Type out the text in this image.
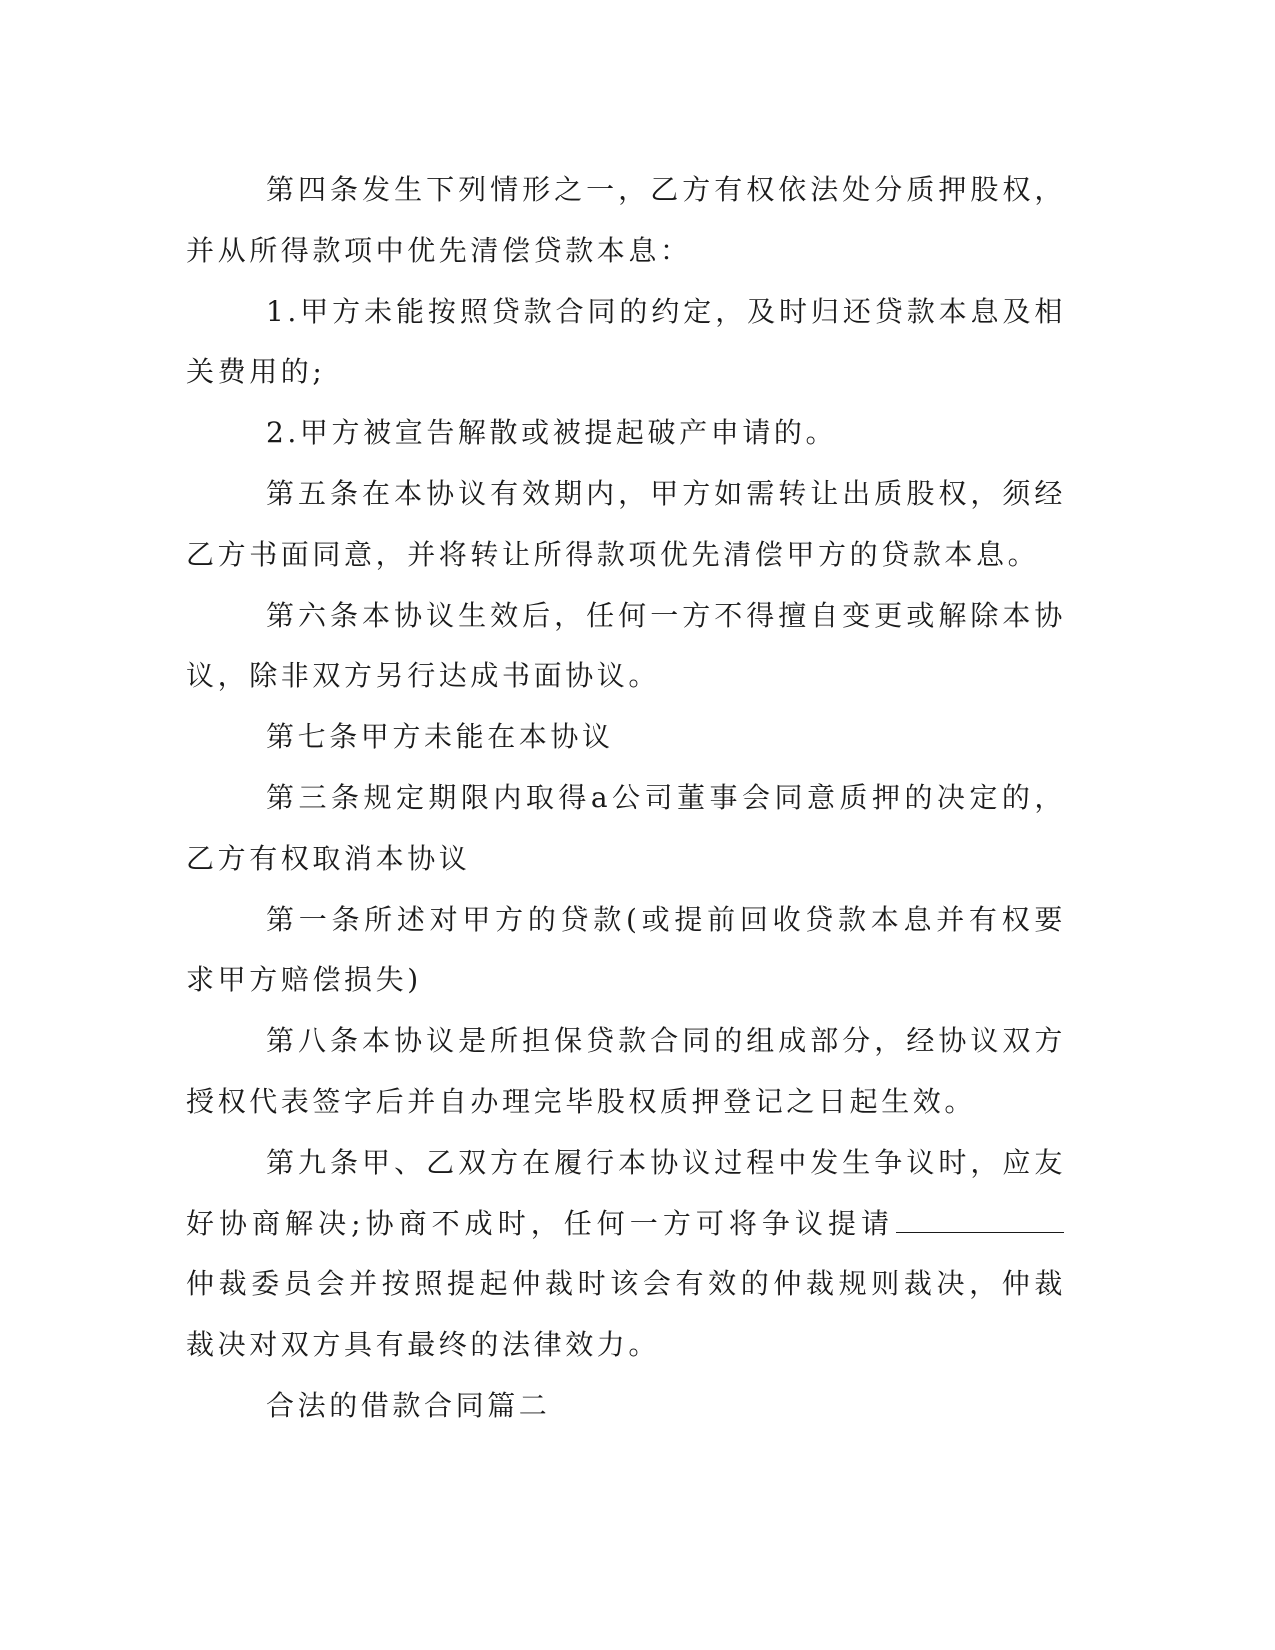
第四条发生下列情形之一，乙方有权依法处分质押股权，并从所得款项中优先清偿贷款本息：

1.甲方未能按照贷款合同的约定，及时归还贷款本息及相关费用的;

2.甲方被宣告解散或被提起破产申请的。

第五条在本协议有效期内，甲方如需转让出质股权，须经乙方书面同意，并将转让所得款项优先清偿甲方的贷款本息。

第六条本协议生效后，任何一方不得擅自变更或解除本协议，除非双方另行达成书面协议。

第七条甲方未能在本协议

第三条规定期限内取得a公司董事会同意质押的决定的，乙方有权取消本协议

第一条所述对甲方的贷款(或提前回收贷款本息并有权要求甲方赔偿损失)

第八条本协议是所担保贷款合同的组成部分，经协议双方授权代表签字后并自办理完毕股权质押登记之日起生效。

第九条甲、乙双方在履行本协议过程中发生争议时，应友好协商解决;协商不成时，任何一方可将争议提请仲裁委员会并按照提起仲裁时该会有效的仲裁规则裁决，仲裁裁决对双方具有最终的法律效力。

合法的借款合同篇二
